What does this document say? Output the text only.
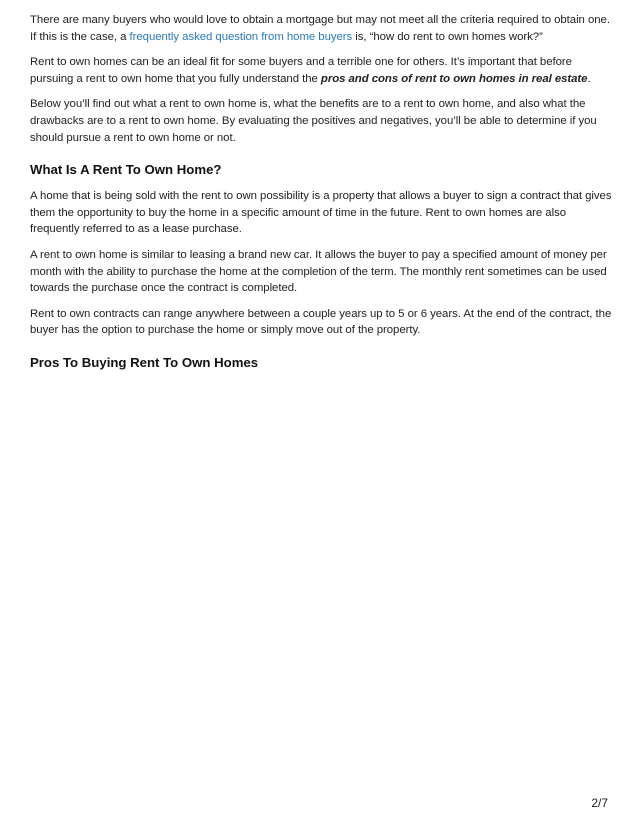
There are many buyers who would love to obtain a mortgage but may not meet all the criteria required to obtain one. If this is the case, a frequently asked question from home buyers is, “how do rent to own homes work?”

Rent to own homes can be an ideal fit for some buyers and a terrible one for others. It’s important that before pursuing a rent to own home that you fully understand the pros and cons of rent to own homes in real estate.

Below you’ll find out what a rent to own home is, what the benefits are to a rent to own home, and also what the drawbacks are to a rent to own home. By evaluating the positives and negatives, you’ll be able to determine if you should pursue a rent to own home or not.

What Is A Rent To Own Home?

A home that is being sold with the rent to own possibility is a property that allows a buyer to sign a contract that gives them the opportunity to buy the home in a specific amount of time in the future. Rent to own homes are also frequently referred to as a lease purchase.

A rent to own home is similar to leasing a brand new car. It allows the buyer to pay a specified amount of money per month with the ability to purchase the home at the completion of the term. The monthly rent sometimes can be used towards the purchase once the contract is completed.

Rent to own contracts can range anywhere between a couple years up to 5 or 6 years. At the end of the contract, the buyer has the option to purchase the home or simply move out of the property.

Pros To Buying Rent To Own Homes
2/7
